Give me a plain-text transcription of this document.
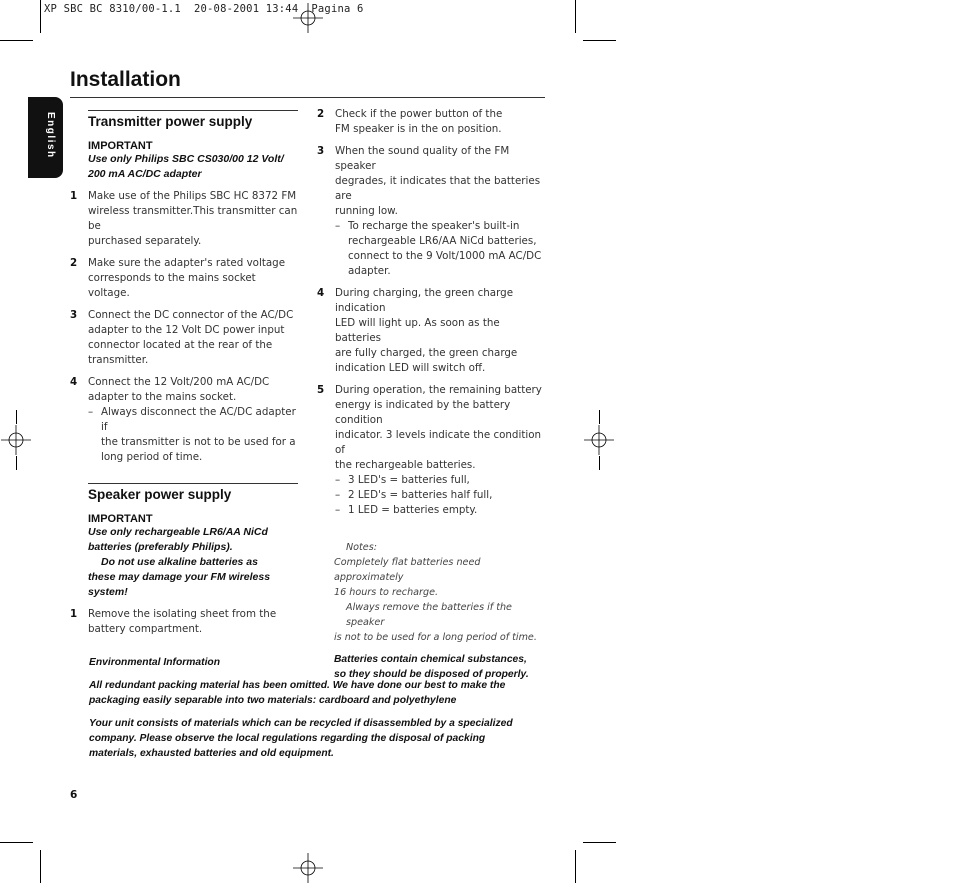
XP SBC BC 8310/00-1.1  20-08-2001 13:44  Pagina 6
English
Installation
Transmitter power supply
IMPORTANT
Use only Philips SBC CS030/00 12 Volt/
200 mA AC/DC adapter
1 Make use of the Philips SBC HC 8372 FM
wireless transmitter.This transmitter can be
purchased separately.
2 Make sure the adapter's rated voltage
corresponds to the mains socket voltage.
3 Connect the DC connector of the AC/DC
adapter to the 12 Volt DC power input
connector located at the rear of the
transmitter.
4 Connect the 12 Volt/200 mA AC/DC
adapter to the mains socket.
– Always disconnect the AC/DC adapter if
the transmitter is not to be used for a
long period of time.
Speaker power supply
IMPORTANT
Use only rechargeable LR6/AA NiCd
batteries (preferably Philips).
Do not use alkaline batteries as
these may damage your FM wireless
system!
1 Remove the isolating sheet from the
battery compartment.
2 Check if the power button of the
FM speaker is in the on position.
3 When the sound quality of the FM speaker
degrades, it indicates that the batteries are
running low.
– To recharge the speaker's built-in
rechargeable LR6/AA NiCd batteries,
connect to the 9 Volt/1000 mA AC/DC
adapter.
4 During charging, the green charge indication
LED will light up. As soon as the batteries
are fully charged, the green charge
indication LED will switch off.
5 During operation, the remaining battery
energy is indicated by the battery condition
indicator. 3 levels indicate the condition of
the rechargeable batteries.
– 3 LED's = batteries full,
– 2 LED's = batteries half full,
– 1 LED = batteries empty.
Notes:
Completely flat batteries need approximately
16 hours to recharge.
Always remove the batteries if the speaker
is not to be used for a long period of time.
Batteries contain chemical substances,
so they should be disposed of properly.

Environmental Information

All redundant packing material has been omitted. We have done our best to make the
packaging easily separable into two materials: cardboard and polyethylene

Your unit consists of materials which can be recycled if disassembled by a specialized
company. Please observe the local regulations regarding the disposal of packing
materials, exhausted batteries and old equipment.

6
